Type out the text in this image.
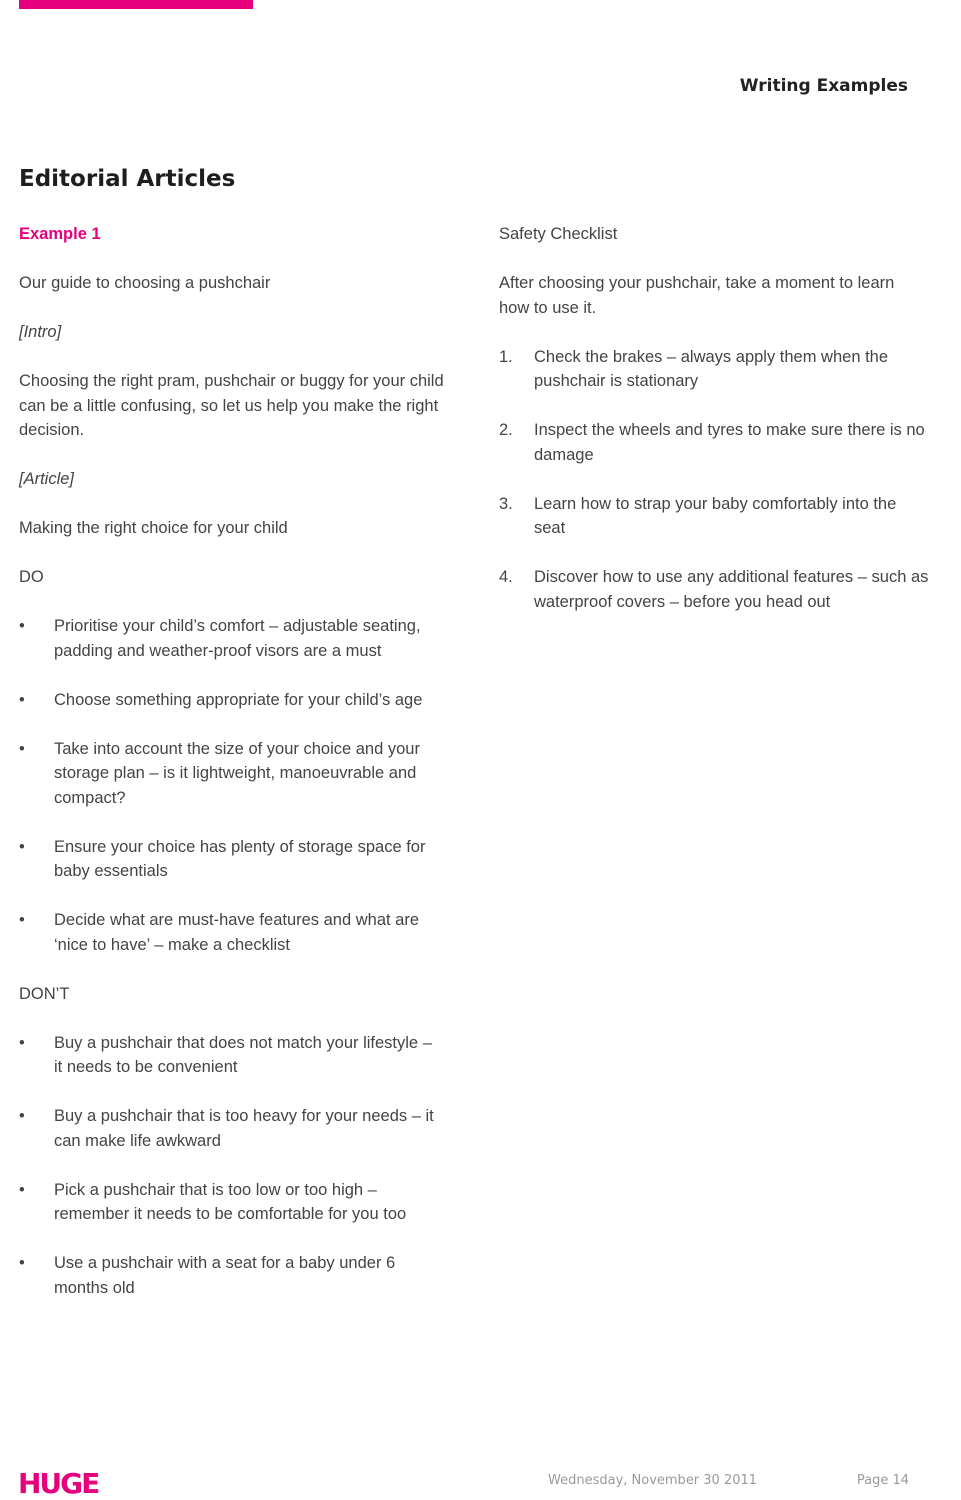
Writing Examples
Editorial Articles

Example 1

Our guide to choosing a pushchair

[Intro]

Choosing the right pram, pushchair or buggy for your child can be a little confusing, so let us help you make the right decision.

[Article]

Making the right choice for your child

DO

• Prioritise your child’s comfort – adjustable seating, padding and weather-proof visors are a must
• Choose something appropriate for your child’s age
• Take into account the size of your choice and your storage plan – is it lightweight, manoeuvrable and compact?
• Ensure your choice has plenty of storage space for baby essentials
• Decide what are must-have features and what are ‘nice to have’ – make a checklist

DON’T

• Buy a pushchair that does not match your lifestyle – it needs to be convenient
• Buy a pushchair that is too heavy for your needs – it can make life awkward
• Pick a pushchair that is too low or too high – remember it needs to be comfortable for you too
• Use a pushchair with a seat for a baby under 6 months old

Safety Checklist

After choosing your pushchair, take a moment to learn how to use it.

1. Check the brakes – always apply them when the pushchair is stationary
2. Inspect the wheels and tyres to make sure there is no damage
3. Learn how to strap your baby comfortably into the seat
4. Discover how to use any additional features – such as waterproof covers – before you head out
HUGE	Wednesday, November 30 2011	Page 14
